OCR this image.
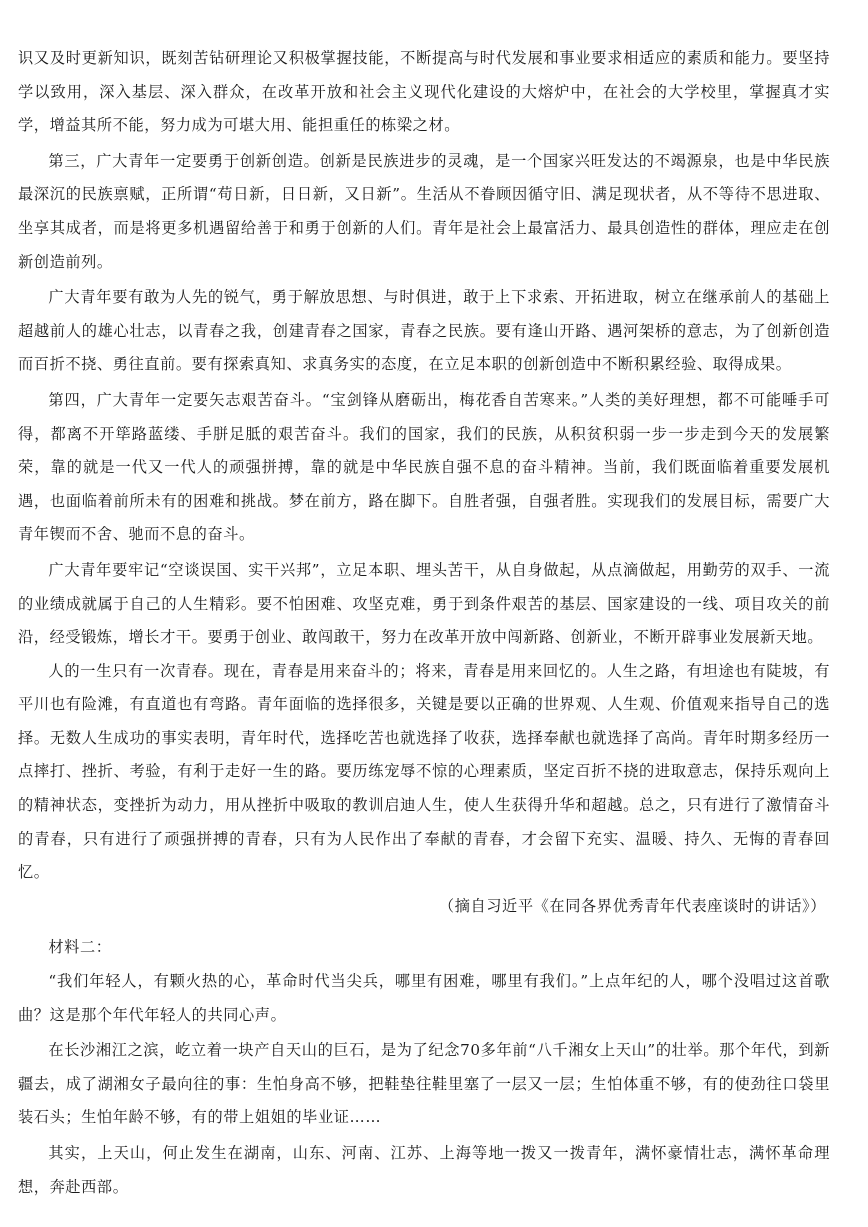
识又及时更新知识，既刻苦钻研理论又积极掌握技能，不断提高与时代发展和事业要求相适应的素质和能力。要坚持学以致用，深入基层、深入群众，在改革开放和社会主义现代化建设的大熔炉中，在社会的大学校里，掌握真才实学，增益其所不能，努力成为可堪大用、能担重任的栋梁之材。

第三，广大青年一定要勇于创新创造。创新是民族进步的灵魂，是一个国家兴旺发达的不竭源泉，也是中华民族最深沉的民族禀赋，正所谓“苟日新，日日新，又日新”。生活从不眷顾因循守旧、满足现状者，从不等待不思进取、坐享其成者，而是将更多机遇留给善于和勇于创新的人们。青年是社会上最富活力、最具创造性的群体，理应走在创新创造前列。

广大青年要有敢为人先的锐气，勇于解放思想、与时俱进，敢于上下求索、开拓进取，树立在继承前人的基础上超越前人的雄心壮志，以青春之我，创建青春之国家，青春之民族。要有逢山开路、遇河架桥的意志，为了创新创造而百折不挠、勇往直前。要有探索真知、求真务实的态度，在立足本职的创新创造中不断积累经验、取得成果。

第四，广大青年一定要矢志艰苦奋斗。“宝剑锋从磨砺出，梅花香自苦寒来。”人类的美好理想，都不可能唾手可得，都离不开筚路蓝缕、手胼足胝的艰苦奋斗。我们的国家，我们的民族，从积贫积弱一步一步走到今天的发展繁荣，靠的就是一代又一代人的顽强拼搏，靠的就是中华民族自强不息的奋斗精神。当前，我们既面临着重要发展机遇，也面临着前所未有的困难和挑战。梦在前方，路在脚下。自胜者强，自强者胜。实现我们的发展目标，需要广大青年锲而不舍、驰而不息的奋斗。

广大青年要牢记“空谈误国、实干兴邦”，立足本职、埋头苦干，从自身做起，从点滴做起，用勤劳的双手、一流的业绩成就属于自己的人生精彩。要不怕困难、攻坚克难，勇于到条件艰苦的基层、国家建设的一线、项目攻关的前沿，经受锻炼，增长才干。要勇于创业、敢闯敢干，努力在改革开放中闯新路、创新业，不断开辟事业发展新天地。

人的一生只有一次青春。现在，青春是用来奋斗的；将来，青春是用来回忆的。人生之路，有坦途也有陡坡，有平川也有险滩，有直道也有弯路。青年面临的选择很多，关键是要以正确的世界观、人生观、价值观来指导自己的选择。无数人生成功的事实表明，青年时代，选择吃苦也就选择了收获，选择奉献也就选择了高尚。青年时期多经历一点摔打、挫折、考验，有利于走好一生的路。要历练宠辱不惊的心理素质，坚定百折不挠的进取意志，保持乐观向上的精神状态，变挫折为动力，用从挫折中吸取的教训启迪人生，使人生获得升华和超越。总之，只有进行了激情奋斗的青春，只有进行了顽强拼搏的青春，只有为人民作出了奉献的青春，才会留下充实、温暖、持久、无悔的青春回忆。

（摘自习近平《在同各界优秀青年代表座谈时的讲话》）

材料二：

“我们年轻人，有颗火热的心，革命时代当尖兵，哪里有困难，哪里有我们。”上点年纪的人，哪个没唱过这首歌曲？这是那个年代年轻人的共同心声。

在长沙湘江之滨，屹立着一块产自天山的巨石，是为了纪念70多年前“八千湘女上天山”的壮举。那个年代，到新疆去，成了湖湘女子最向往的事：生怕身高不够，把鞋垫往鞋里塞了一层又一层；生怕体重不够，有的使劲往口袋里装石头；生怕年龄不够，有的带上姐姐的毕业证……

其实，上天山，何止发生在湖南，山东、河南、江苏、上海等地一拨又一拨青年，满怀豪情壮志，满怀革命理想，奔赴西部。
